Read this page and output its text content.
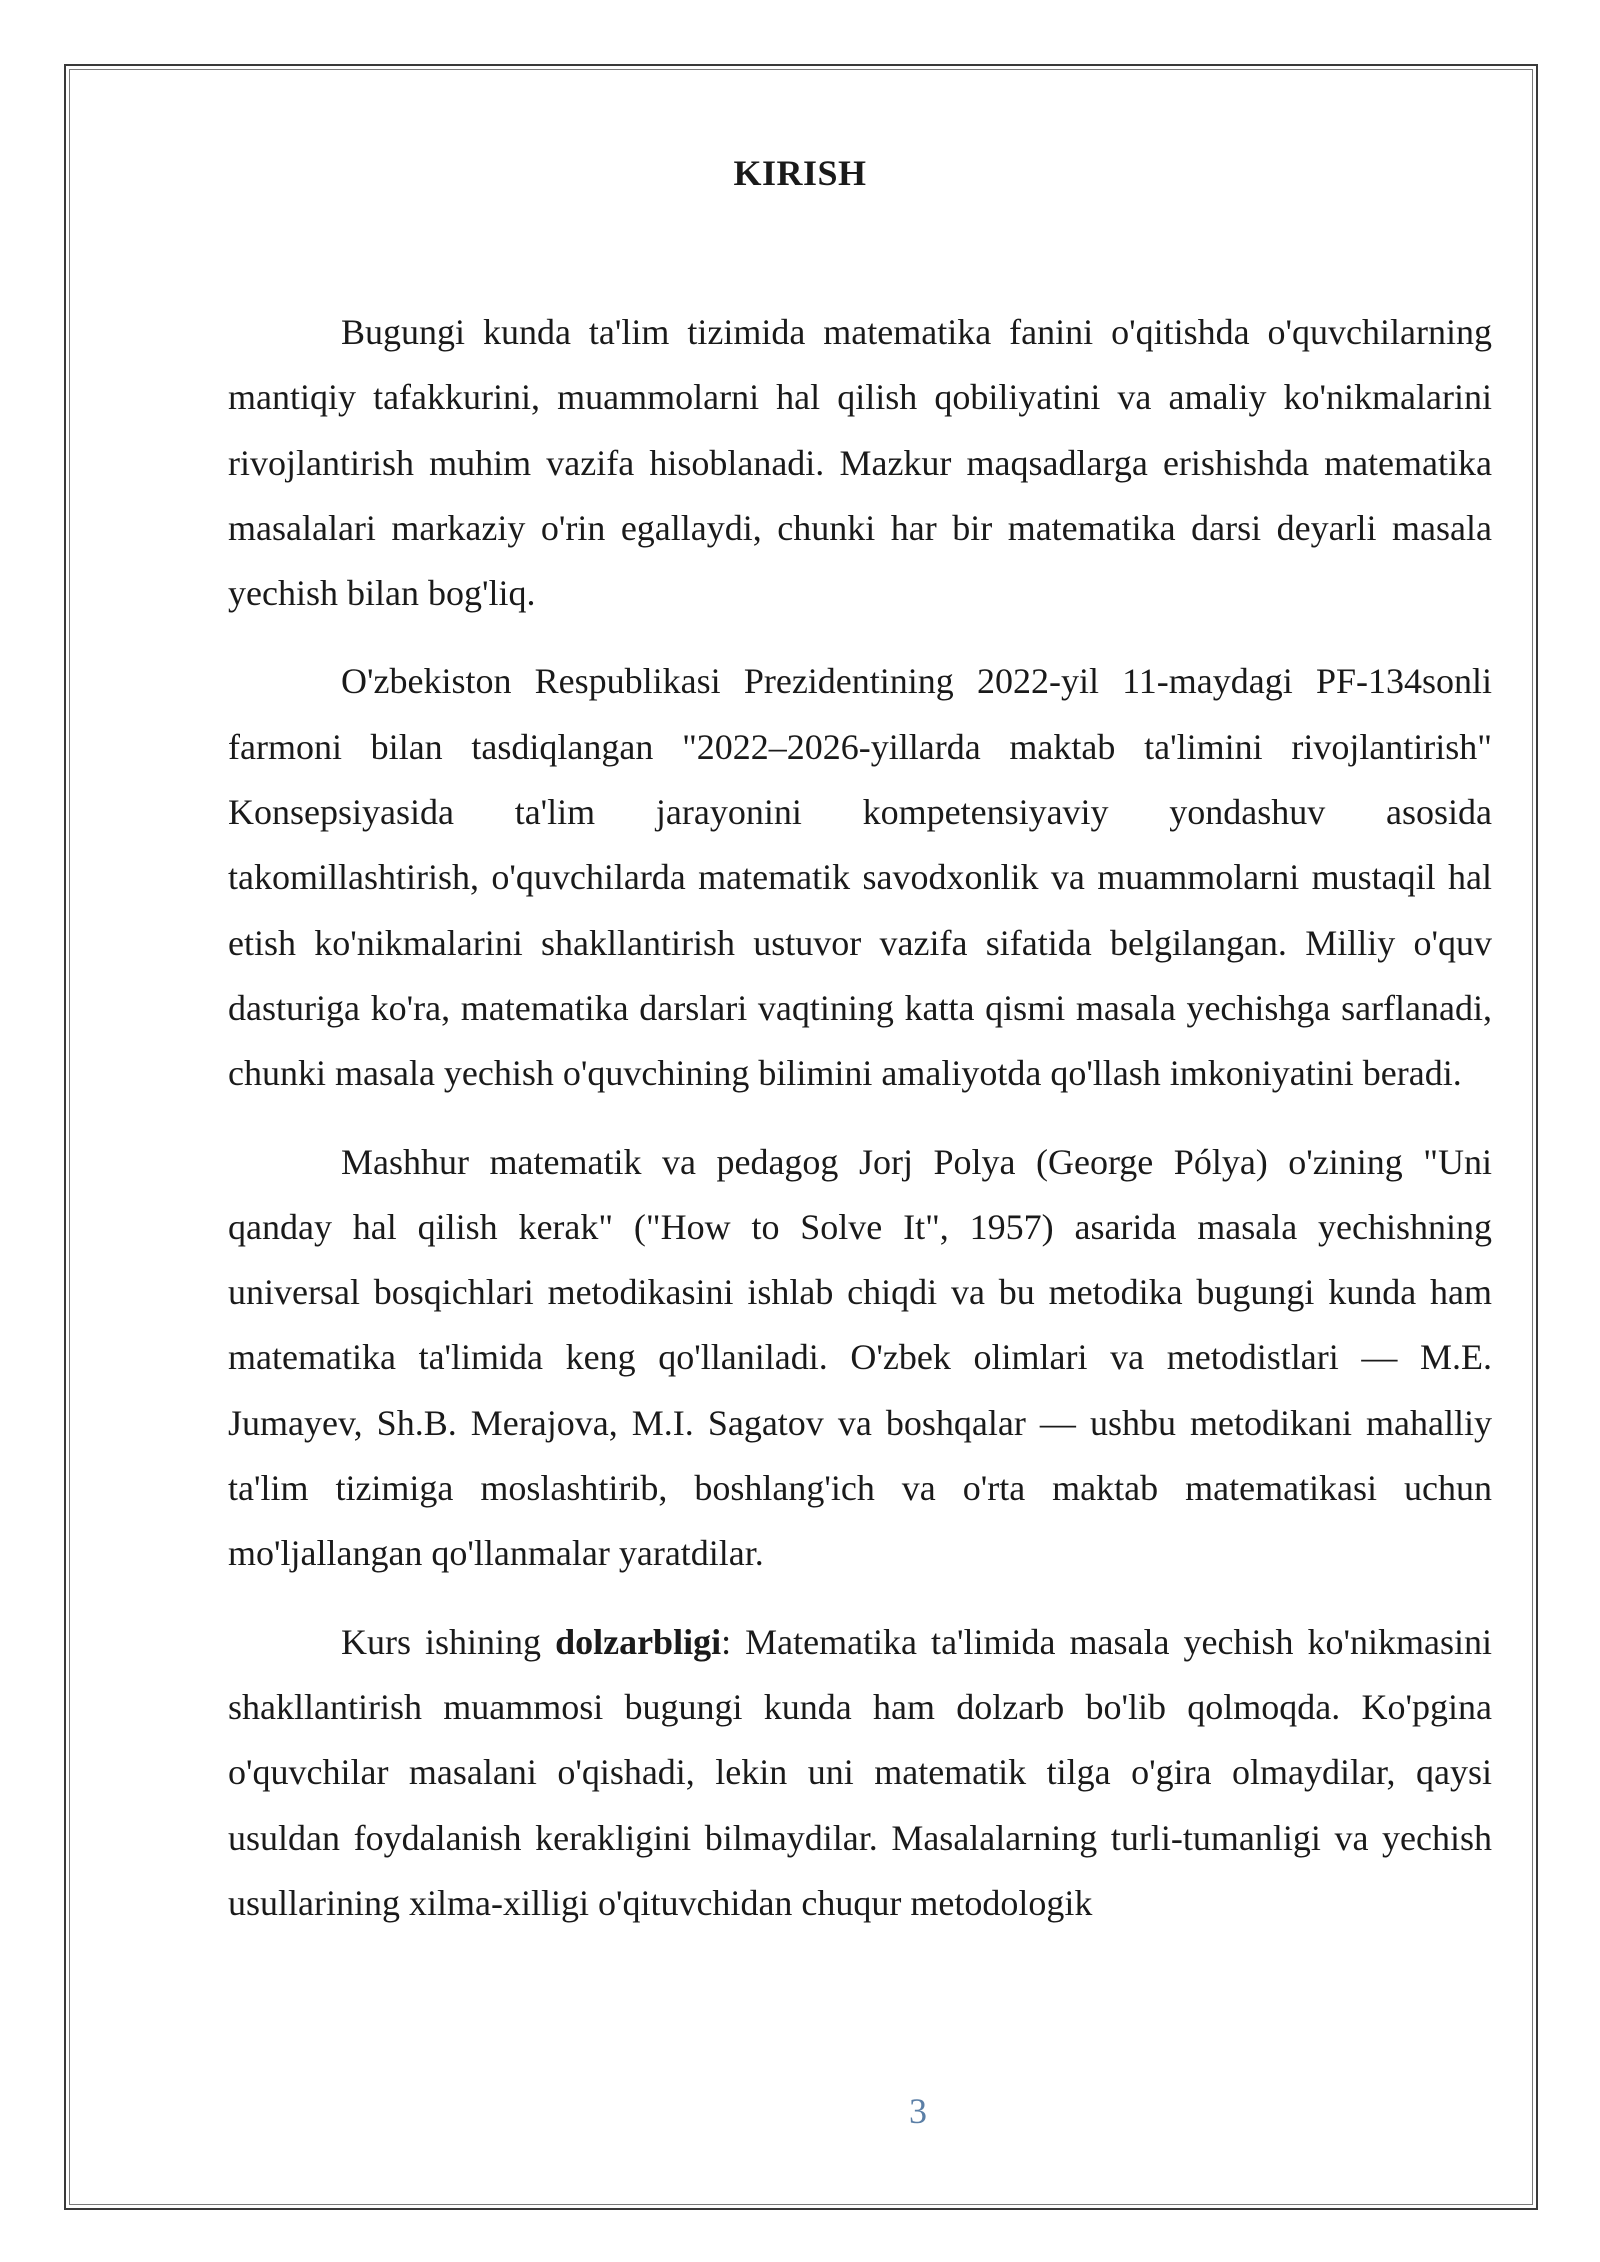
KIRISH

Bugungi kunda ta'lim tizimida matematika fanini o'qitishda o'quvchilarning mantiqiy tafakkurini, muammolarni hal qilish qobiliyatini va amaliy ko'nikmalarini rivojlantirish muhim vazifa hisoblanadi. Mazkur maqsadlarga erishishda matematika masalalari markaziy o'rin egallaydi, chunki har bir matematika darsi deyarli masala yechish bilan bog'liq.

O'zbekiston Respublikasi Prezidentining 2022-yil 11-maydagi PF-134sonli farmoni bilan tasdiqlangan "2022–2026-yillarda maktab ta'limini rivojlantirish" Konsepsiyasida ta'lim jarayonini kompetensiyaviy yondashuv asosida takomillashtirish, o'quvchilarda matematik savodxonlik va muammolarni mustaqil hal etish ko'nikmalarini shakllantirish ustuvor vazifa sifatida belgilangan. Milliy o'quv dasturiga ko'ra, matematika darslari vaqtining katta qismi masala yechishga sarflanadi, chunki masala yechish o'quvchining bilimini amaliyotda qo'llash imkoniyatini beradi.

Mashhur matematik va pedagog Jorj Polya (George Pólya) o'zining "Uni qanday hal qilish kerak" ("How to Solve It", 1957) asarida masala yechishning universal bosqichlari metodikasini ishlab chiqdi va bu metodika bugungi kunda ham matematika ta'limida keng qo'llaniladi. O'zbek olimlari va metodistlari — M.E. Jumayev, Sh.B. Merajova, M.I. Sagatov va boshqalar — ushbu metodikani mahalliy ta'lim tizimiga moslashtirib, boshlang'ich va o'rta maktab matematikasi uchun mo'ljallangan qo'llanmalar yaratdilar.

Kurs ishining dolzarbligi: Matematika ta'limida masala yechish ko'nikmasini shakllantirish muammosi bugungi kunda ham dolzarb bo'lib qolmoqda. Ko'pgina o'quvchilar masalani o'qishadi, lekin uni matematik tilga o'gira olmaydilar, qaysi usuldan foydalanish kerakligini bilmaydilar. Masalalarning turli-tumanligi va yechish usullarining xilma-xilligi o'qituvchidan chuqur metodologik

3
